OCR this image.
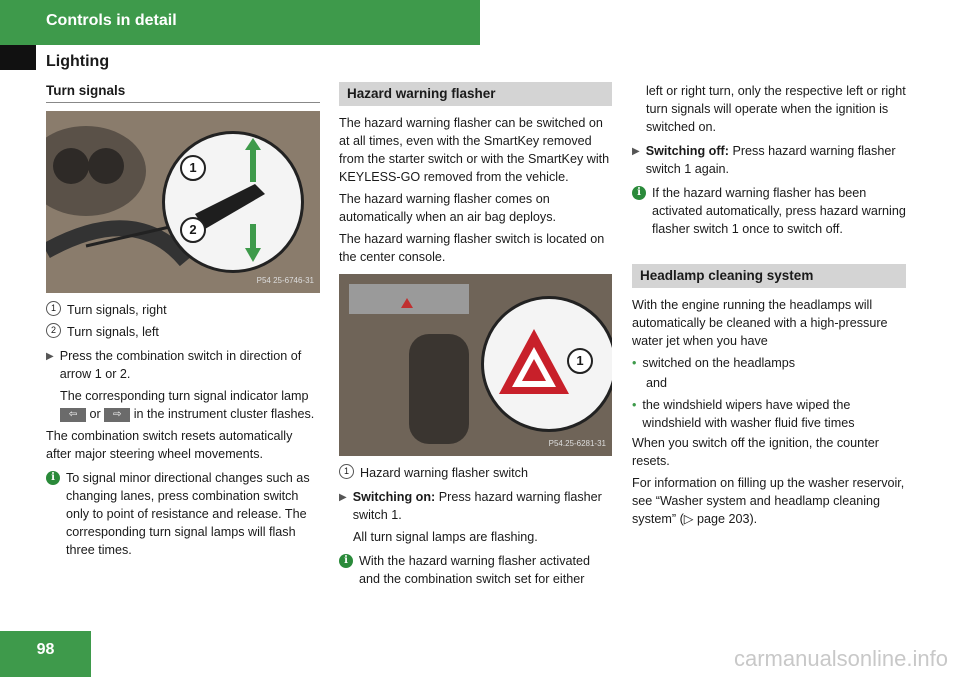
Controls in detail
Lighting
Turn signals
1
2
P54 25-6746-31
1 Turn signals, right
2 Turn signals, left
▶ Press the combination switch in direction of arrow 1 or 2.

The corresponding turn signal indicator lamp ⇦ or ⇨ in the instrument cluster flashes.

The combination switch resets automatically after major steering wheel movements.

i To signal minor directional changes such as changing lanes, press combination switch only to point of resistance and release. The corresponding turn signal lamps will flash three times.
Hazard warning flasher

The hazard warning flasher can be switched on at all times, even with the SmartKey removed from the starter switch or with the SmartKey with KEYLESS-GO removed from the vehicle.

The hazard warning flasher comes on automatically when an air bag deploys.

The hazard warning flasher switch is located on the center console.

1
P54.25-6281-31
1 Hazard warning flasher switch
▶ Switching on: Press hazard warning flasher switch 1.

All turn signal lamps are flashing.

i With the hazard warning flasher activated and the combination switch set for either

left or right turn, only the respective left or right turn signals will operate when the ignition is switched on.

▶ Switching off: Press hazard warning flasher switch 1 again.
i If the hazard warning flasher has been activated automatically, press hazard warning flasher switch 1 once to switch off.
Headlamp cleaning system

With the engine running the headlamps will automatically be cleaned with a high-pressure water jet when you have

• switched on the headlamps

and

• the windshield wipers have wiped the windshield with washer fluid five times

When you switch off the ignition, the counter resets.

For information on filling up the washer reservoir, see “Washer system and headlamp cleaning system” (▷ page 203).

98	carmanualsonline.info
